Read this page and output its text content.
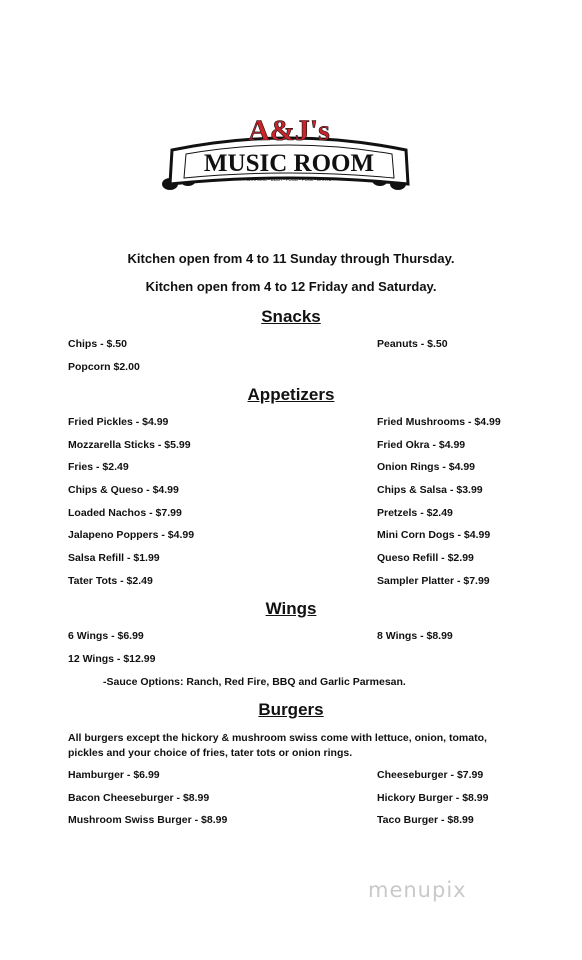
A&J's
MUSIC ROOM
KARAOKE • BEER • FOOD • POOL • DARTS
Kitchen open from 4 to 11 Sunday through Thursday.
Kitchen open from 4 to 12 Friday and Saturday.
Snacks
Chips - $.50	Peanuts - $.50
Popcorn $2.00
Appetizers
Fried Pickles - $4.99	Fried Mushrooms - $4.99
Mozzarella Sticks - $5.99	Fried Okra - $4.99
Fries - $2.49	Onion Rings - $4.99
Chips & Queso - $4.99	Chips & Salsa - $3.99
Loaded Nachos - $7.99	Pretzels - $2.49
Jalapeno Poppers - $4.99	Mini Corn Dogs - $4.99
Salsa Refill - $1.99	Queso Refill - $2.99
Tater Tots - $2.49	Sampler Platter - $7.99
Wings
6 Wings - $6.99	8 Wings - $8.99
12 Wings - $12.99
-Sauce Options: Ranch, Red Fire, BBQ and Garlic Parmesan.
Burgers
All burgers except the hickory & mushroom swiss come with lettuce, onion, tomato, pickles and your choice of fries, tater tots or onion rings.
Hamburger - $6.99	Cheeseburger - $7.99
Bacon Cheeseburger - $8.99	Hickory Burger - $8.99
Mushroom Swiss Burger - $8.99	Taco Burger - $8.99
menupix
